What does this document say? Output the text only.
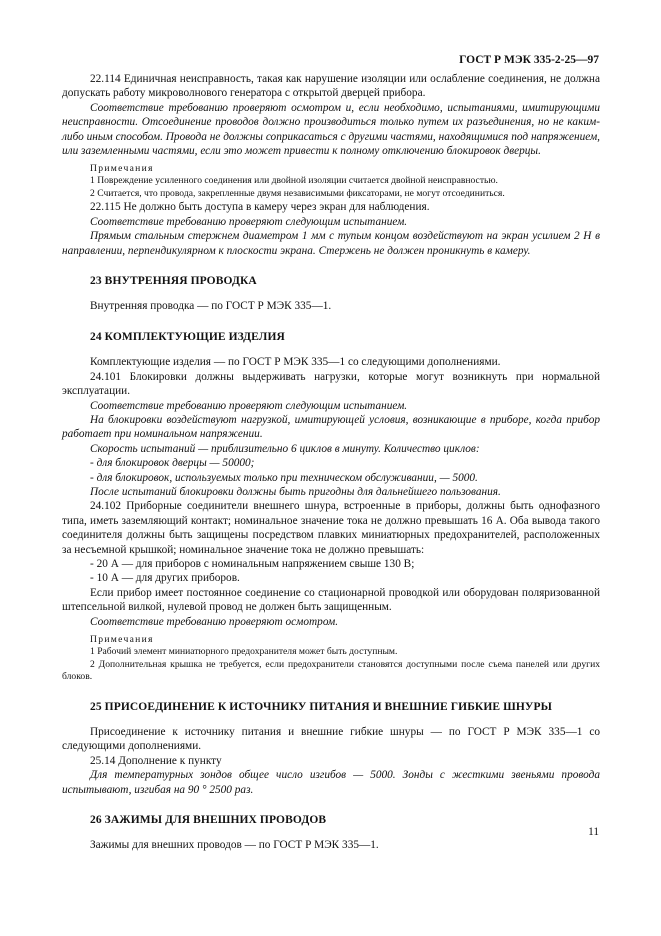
ГОСТ Р МЭК 335-2-25—97

22.114 Единичная неисправность, такая как нарушение изоляции или ослабление соединения, не должна допускать работу микроволнового генератора с открытой дверцей прибора.

Соответствие требованию проверяют осмотром и, если необходимо, испытаниями, имитирующими неисправности. Отсоединение проводов должно производиться только путем их разъединения, но не каким-либо иным способом. Провода не должны соприкасаться с другими частями, находящимися под напряжением, или заземленными частями, если это может привести к полному отключению блокировок дверцы.

Примечания
1 Повреждение усиленного соединения или двойной изоляции считается двойной неисправностью.
2 Считается, что провода, закрепленные двумя независимыми фиксаторами, не могут отсоединиться.

22.115 Не должно быть доступа в камеру через экран для наблюдения.

Соответствие требованию проверяют следующим испытанием.

Прямым стальным стержнем диаметром 1 мм с тупым концом воздействуют на экран усилием 2 Н в направлении, перпендикулярном к плоскости экрана. Стержень не должен проникнуть в камеру.

23 ВНУТРЕННЯЯ ПРОВОДКА

Внутренняя проводка — по ГОСТ Р МЭК 335—1.

24 КОМПЛЕКТУЮЩИЕ ИЗДЕЛИЯ

Комплектующие изделия — по ГОСТ Р МЭК 335—1 со следующими дополнениями.

24.101 Блокировки должны выдерживать нагрузки, которые могут возникнуть при нормальной эксплуатации.

Соответствие требованию проверяют следующим испытанием.

На блокировки воздействуют нагрузкой, имитирующей условия, возникающие в приборе, когда прибор работает при номинальном напряжении.

Скорость испытаний — приблизительно 6 циклов в минуту. Количество циклов:

- для блокировок дверцы — 50000;

- для блокировок, используемых только при техническом обслуживании, — 5000.

После испытаний блокировки должны быть пригодны для дальнейшего пользования.

24.102 Приборные соединители внешнего шнура, встроенные в приборы, должны быть однофазного типа, иметь заземляющий контакт; номинальное значение тока не должно превышать 16 А. Оба вывода такого соединителя должны быть защищены посредством плавких миниатюрных предохранителей, расположенных за несъемной крышкой; номинальное значение тока не должно превышать:

- 20 А — для приборов с номинальным напряжением свыше 130 В;

- 10 А — для других приборов.

Если прибор имеет постоянное соединение со стационарной проводкой или оборудован поляризованной штепсельной вилкой, нулевой провод не должен быть защищенным.

Соответствие требованию проверяют осмотром.

Примечания
1 Рабочий элемент миниатюрного предохранителя может быть доступным.
2 Дополнительная крышка не требуется, если предохранители становятся доступными после съема панелей или других блоков.
25 ПРИСОЕДИНЕНИЕ К ИСТОЧНИКУ ПИТАНИЯ И ВНЕШНИЕ ГИБКИЕ ШНУРЫ

Присоединение к источнику питания и внешние гибкие шнуры — по ГОСТ Р МЭК 335—1 со следующими дополнениями.

25.14 Дополнение к пункту

Для температурных зондов общее число изгибов — 5000. Зонды с жесткими звеньями провода испытывают, изгибая на 90 ° 2500 раз.

26 ЗАЖИМЫ ДЛЯ ВНЕШНИХ ПРОВОДОВ

Зажимы для внешних проводов — по ГОСТ Р МЭК 335—1.

11
